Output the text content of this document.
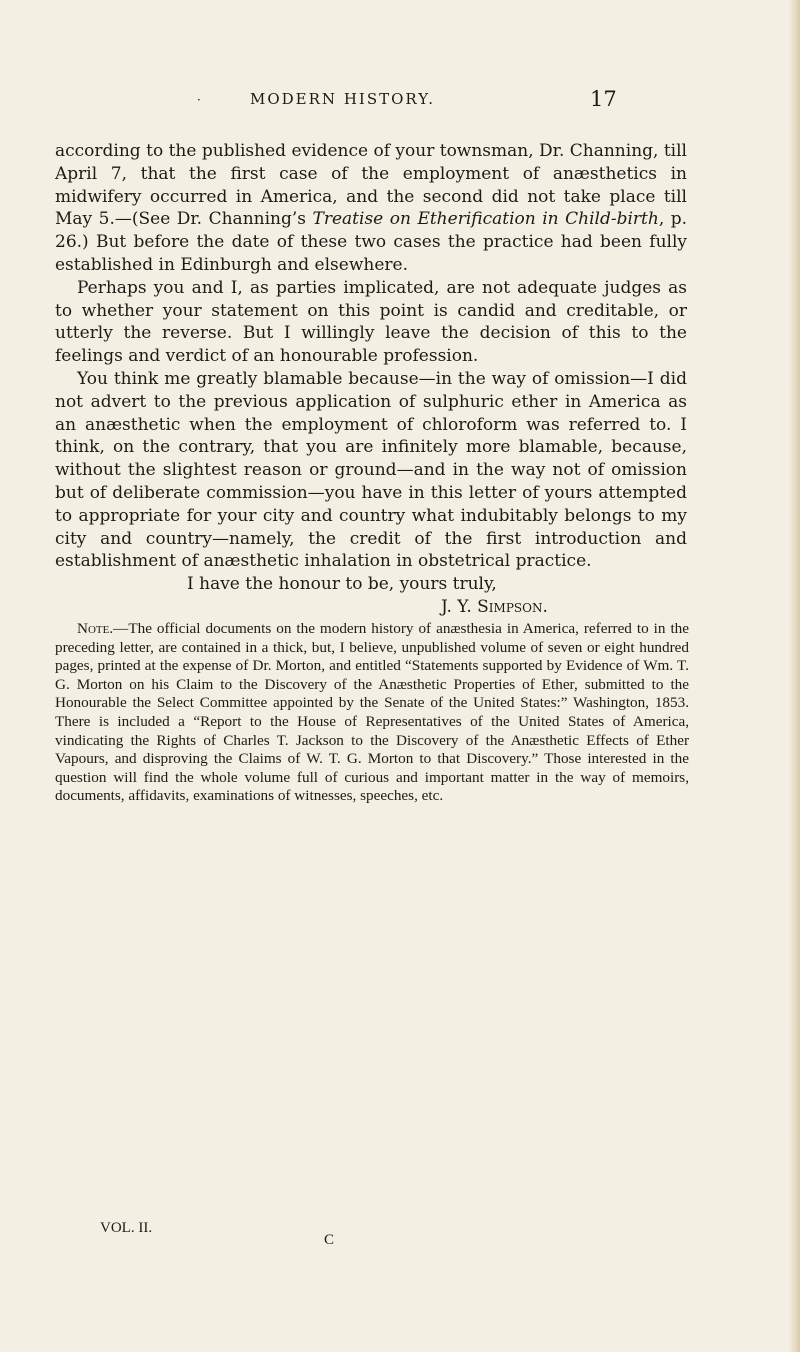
·	MODERN HISTORY.	17

according to the published evidence of your townsman, Dr. Channing, till April 7, that the first case of the employment of anæsthetics in midwifery occurred in America, and the second did not take place till May 5.—(See Dr. Channing’s Treatise on Etherification in Child-birth, p. 26.) But before the date of these two cases the practice had been fully established in Edinburgh and elsewhere.

Perhaps you and I, as parties implicated, are not adequate judges as to whether your statement on this point is candid and creditable, or utterly the reverse. But I willingly leave the decision of this to the feelings and verdict of an honourable profession.

You think me greatly blamable because—in the way of omission—I did not advert to the previous application of sulphuric ether in America as an anæsthetic when the employment of chloroform was referred to. I think, on the contrary, that you are infinitely more blamable, because, without the slightest reason or ground—and in the way not of omission but of deliberate commission—you have in this letter of yours attempted to appropriate for your city and country what indubitably belongs to my city and country—namely, the credit of the first introduction and establishment of anæsthetic inhalation in obstetrical practice.

I have the honour to be, yours truly,

J. Y. Simpson.

Note.—The official documents on the modern history of anæsthesia in America, referred to in the preceding letter, are contained in a thick, but, I believe, unpublished volume of seven or eight hundred pages, printed at the expense of Dr. Morton, and entitled “Statements supported by Evidence of Wm. T. G. Morton on his Claim to the Discovery of the Anæsthetic Properties of Ether, submitted to the Honourable the Select Committee appointed by the Senate of the United States:” Washington, 1853. There is included a “Report to the House of Representatives of the United States of America, vindicating the Rights of Charles T. Jackson to the Discovery of the Anæsthetic Effects of Ether Vapours, and disproving the Claims of W. T. G. Morton to that Discovery.” Those interested in the question will find the whole volume full of curious and important matter in the way of memoirs, documents, affidavits, examinations of witnesses, speeches, etc.

VOL. II.
C
